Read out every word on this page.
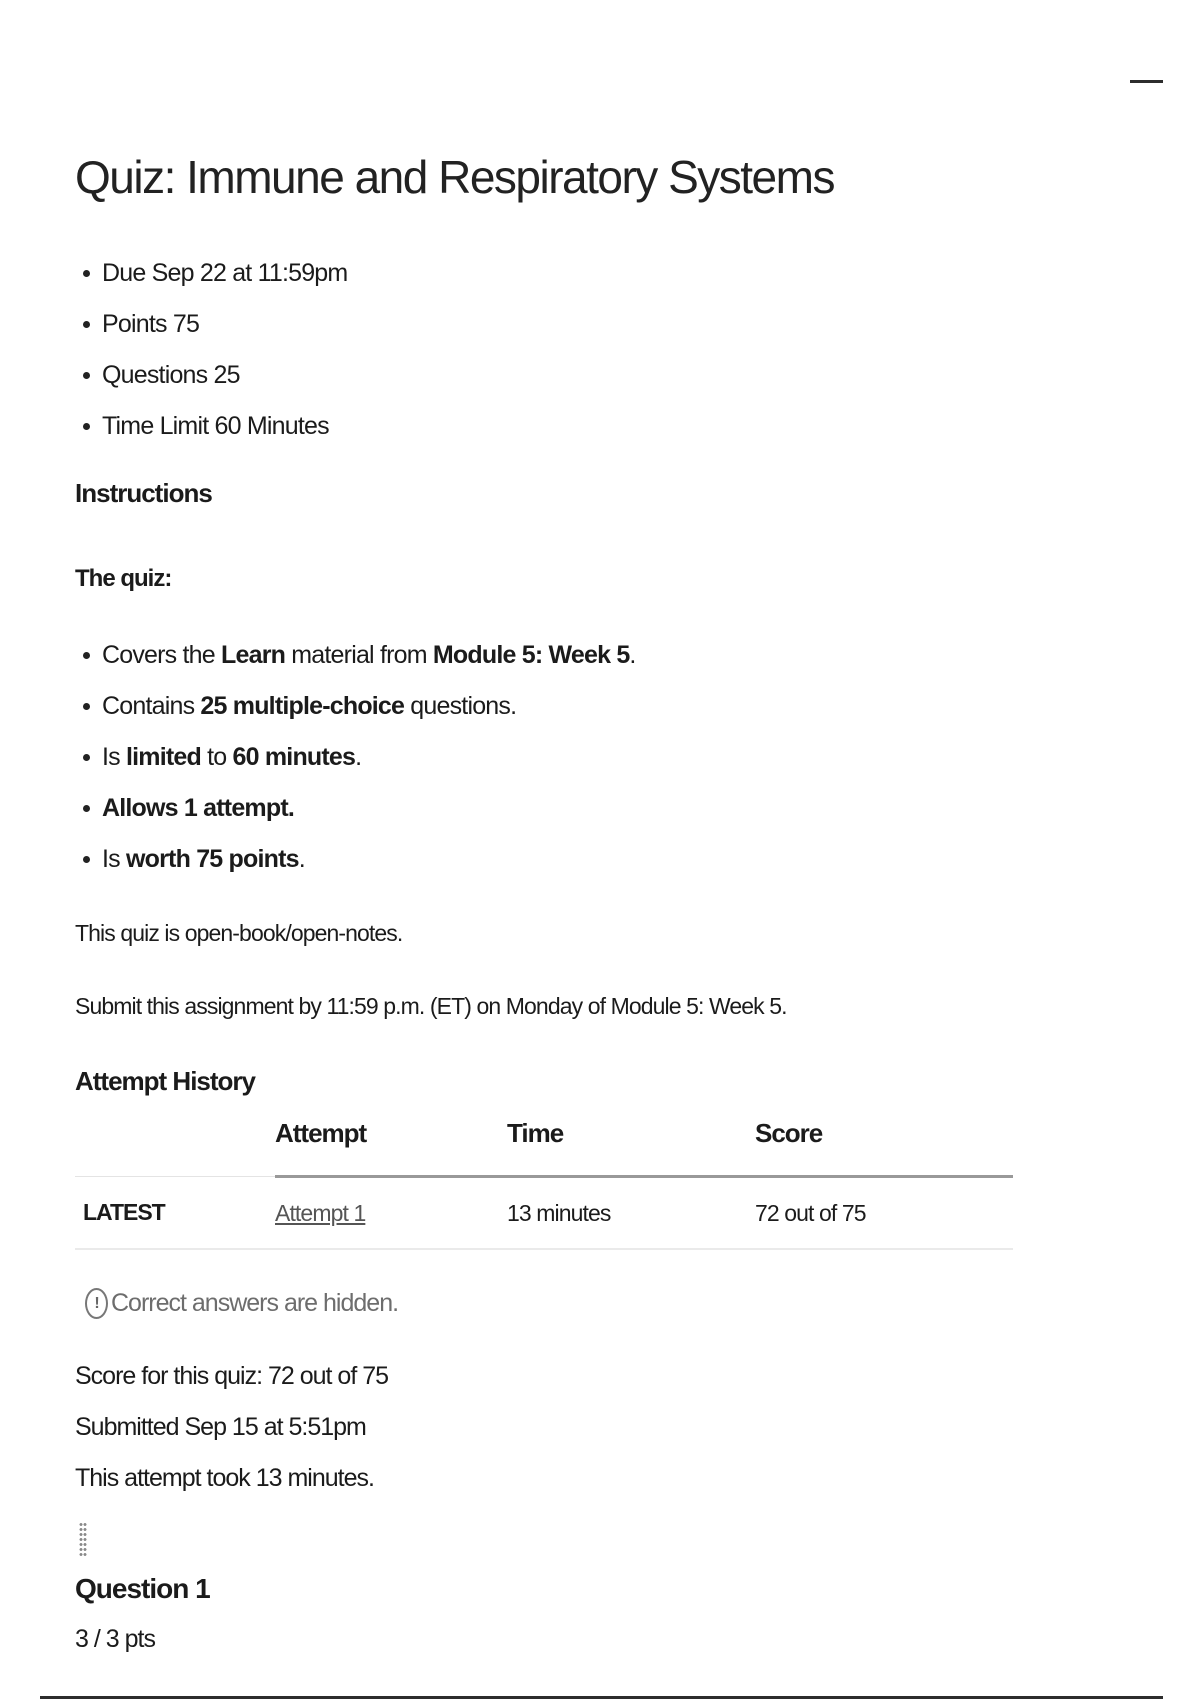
Quiz: Immune and Respiratory Systems
Due Sep 22 at 11:59pm
Points 75
Questions 25
Time Limit 60 Minutes
Instructions
The quiz:
Covers the Learn material from Module 5: Week 5.
Contains 25 multiple-choice questions.
Is limited to 60 minutes.
Allows 1 attempt.
Is worth 75 points.
This quiz is open-book/open-notes.
Submit this assignment by 11:59 p.m. (ET) on Monday of Module 5: Week 5.
Attempt History
	Attempt	Time	Score
LATEST	Attempt 1	13 minutes	72 out of 75
! Correct answers are hidden.
Score for this quiz: 72 out of 75
Submitted Sep 15 at 5:51pm
This attempt took 13 minutes.
Question 1
3 / 3 pts
